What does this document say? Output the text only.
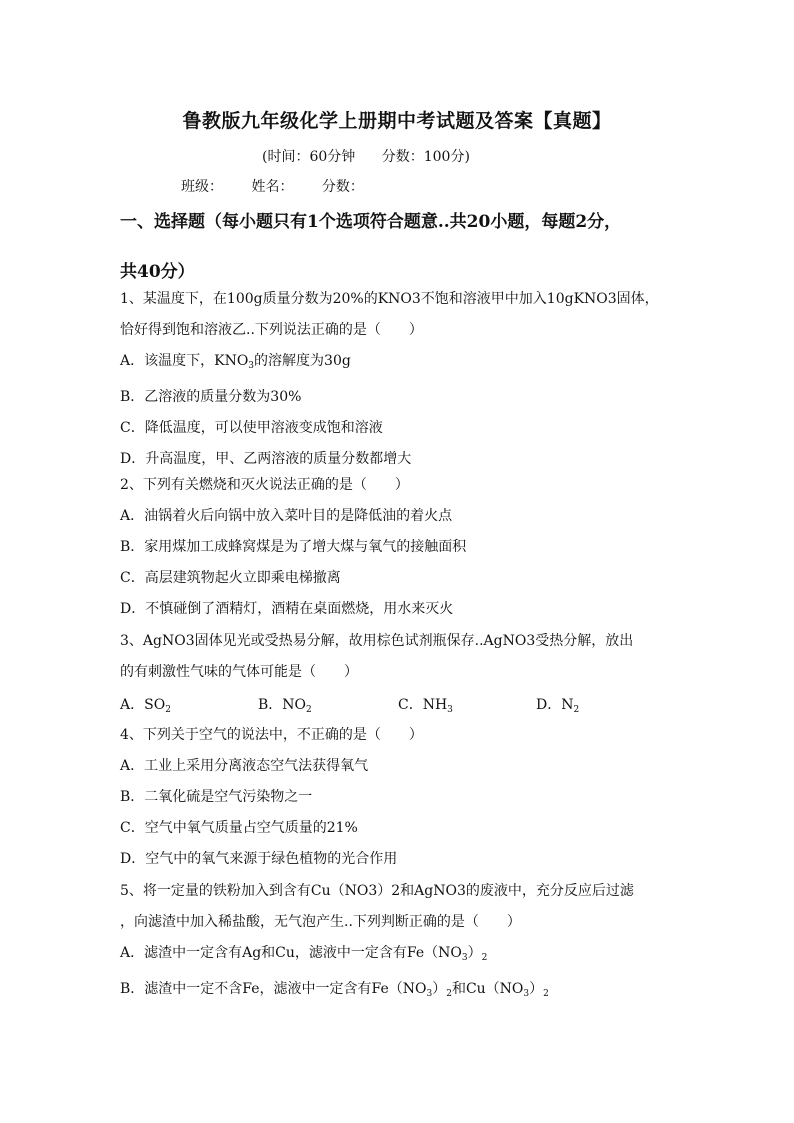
鲁教版九年级化学上册期中考试题及答案【真题】
(时间：60分钟 分数：100分)
班级： 姓名： 分数：
一、选择题（每小题只有1个选项符合题意..共20小题，每题2分，
共40分）
1、某温度下，在100g质量分数为20%的KNO3不饱和溶液甲中加入10gKNO3固体，
恰好得到饱和溶液乙..下列说法正确的是（　　）
A．该温度下，$KNO_3$的溶解度为30g
B．乙溶液的质量分数为30%
C．降低温度，可以使甲溶液变成饱和溶液
D．升高温度，甲、乙两溶液的质量分数都增大
2、下列有关燃烧和灭火说法正确的是（　　）
A．油锅着火后向锅中放入菜叶目的是降低油的着火点
B．家用煤加工成蜂窝煤是为了增大煤与氧气的接触面积
C．高层建筑物起火立即乘电梯撤离
D．不慎碰倒了酒精灯，酒精在桌面燃烧，用水来灭火
3、AgNO3固体见光或受热易分解，故用棕色试剂瓶保存..AgNO3受热分解，放出
的有刺激性气味的气体可能是（　　）
A．$SO_2$	B．$NO_2$	C．$NH_3$	D．$N_2$
4、下列关于空气的说法中，不正确的是（　　）
A．工业上采用分离液态空气法获得氧气
B．二氧化硫是空气污染物之一
C．空气中氧气质量占空气质量的21%
D．空气中的氧气来源于绿色植物的光合作用
5、将一定量的铁粉加入到含有Cu（NO3）2和AgNO3的废液中，充分反应后过滤
，向滤渣中加入稀盐酸，无气泡产生..下列判断正确的是（　　）
A．滤渣中一定含有Ag和Cu，滤液中一定含有$Fe(NO_3)_2$
B．滤渣中一定不含Fe，滤液中一定含有$Fe(NO_3)_2$和$Cu(NO_3)_2$
